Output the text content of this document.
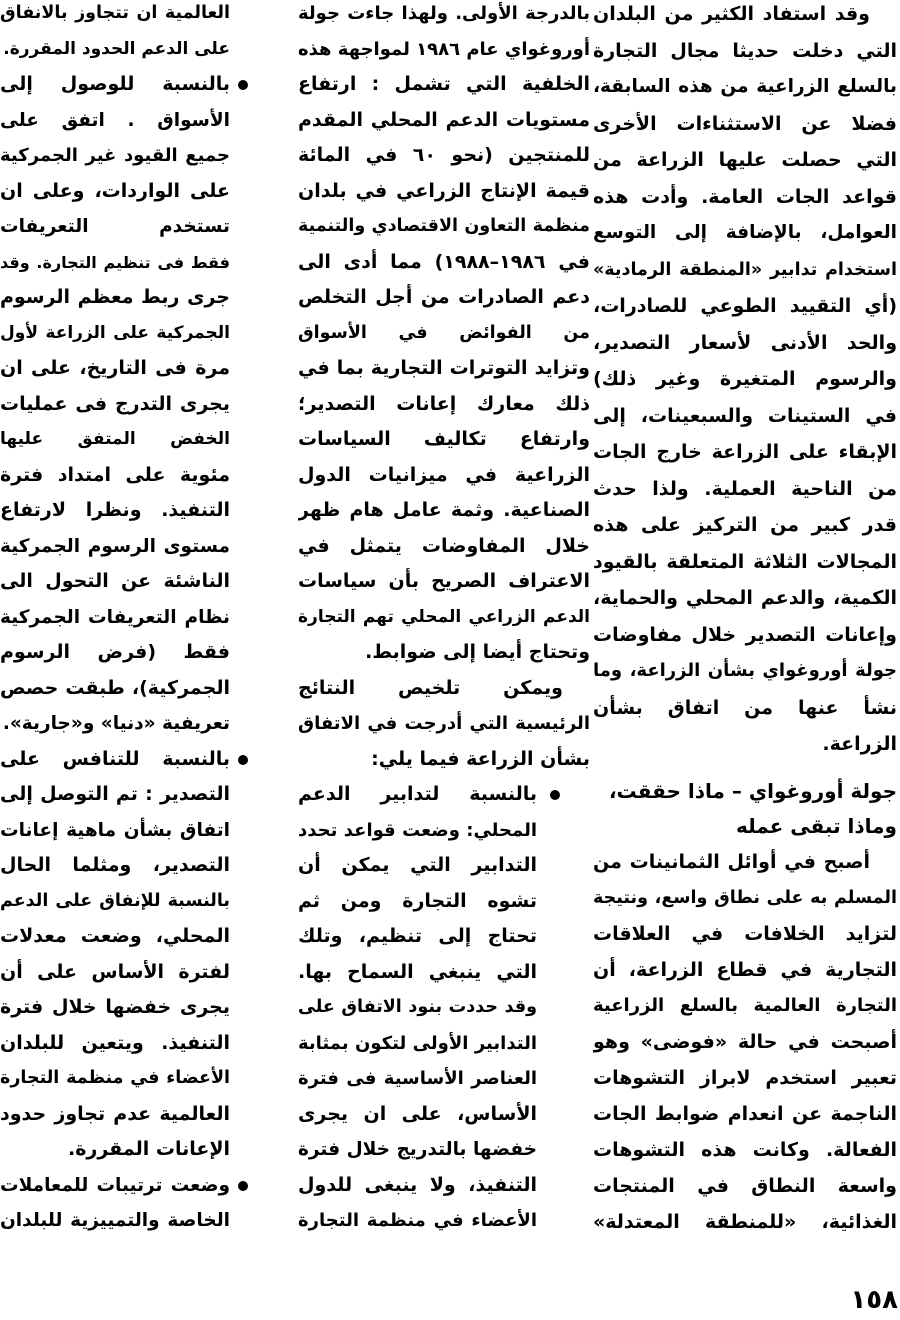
وقد استفاد الكثير من البلدان
التي دخلت حديثا مجال التجارة
بالسلع الزراعية من هذه السابقة،
فضلا عن الاستثناءات الأخرى
التي حصلت عليها الزراعة من
قواعد الجات العامة. وأدت هذه
العوامل، بالإضافة إلى التوسع
استخدام تدابير «المنطقة الرمادية»
(أي التقييد الطوعي للصادرات،
والحد الأدنى لأسعار التصدير،
والرسوم المتغيرة وغير ذلك)
في الستينات والسبعينات، إلى
الإبقاء على الزراعة خارج الجات
من الناحية العملية. ولذا حدث
قدر كبير من التركيز على هذه
المجالات الثلاثة المتعلقة بالقيود
الكمية، والدعم المحلي والحماية،
وإعانات التصدير خلال مفاوضات
جولة أوروغواي بشأن الزراعة، وما
نشأ عنها من اتفاق بشأن
الزراعة.
جولة أوروغواي – ماذا حققت،
وماذا تبقى عمله
أصبح في أوائل الثمانينات من
المسلم به على نطاق واسع، ونتيجة
لتزايد الخلافات في العلاقات
التجارية في قطاع الزراعة، أن
التجارة العالمية بالسلع الزراعية
أصبحت في حالة «فوضى» وهو
تعبير استخدم لابراز التشوهات
الناجمة عن انعدام ضوابط الجات
الفعالة. وكانت هذه التشوهات
واسعة النطاق في المنتجات
الغذائية، «للمنطقة المعتدلة»
بالدرجة الأولى. ولهذا جاءت جولة
أوروغواي عام ١٩٨٦ لمواجهة هذه
الخلفية التي تشمل : ارتفاع
مستويات الدعم المحلي المقدم
للمنتجين (نحو ٦٠ في المائة
قيمة الإنتاج الزراعي في بلدان
منظمة التعاون الاقتصادي والتنمية
في ١٩٨٦–١٩٨٨) مما أدى الى
دعم الصادرات من أجل التخلص
من الفوائض في الأسواق
وتزايد التوترات التجارية بما في
ذلك معارك إعانات التصدير؛
وارتفاع تكاليف السياسات
الزراعية في ميزانيات الدول
الصناعية. وثمة عامل هام ظهر
خلال المفاوضات يتمثل في
الاعتراف الصريح بأن سياسات
الدعم الزراعي المحلي تهم التجارة
وتحتاج أيضا إلى ضوابط.
ويمكن تلخيص النتائج
الرئيسية التي أدرجت في الاتفاق
بشأن الزراعة فيما يلي:
بالنسبة لتدابير الدعم
المحلي: وضعت قواعد تحدد
التدابير التي يمكن أن
تشوه التجارة ومن ثم
تحتاج إلى تنظيم، وتلك
التي ينبغي السماح بها.
وقد حددت بنود الاتفاق على
التدابير الأولى لتكون بمثابة
العناصر الأساسية فى فترة
الأساس، على ان يجرى
خفضها بالتدريج خلال فترة
التنفيذ، ولا ينبغى للدول
الأعضاء في منظمة التجارة
العالمية ان تتجاوز بالانفاق
على الدعم الحدود المقررة.
بالنسبة للوصول إلى
الأسواق . اتفق على
جميع القيود غير الجمركية
على الواردات، وعلى ان
تستخدم التعريفات
فقط فى تنظيم التجارة. وقد
جرى ربط معظم الرسوم
الجمركية على الزراعة لأول
مرة فى التاريخ، على ان
يجرى التدرج فى عمليات
الخفض المتفق عليها
مئوية على امتداد فترة
التنفيذ. ونظرا لارتفاع
مستوى الرسوم الجمركية
الناشئة عن التحول الى
نظام التعريفات الجمركية
فقط (فرض الرسوم
الجمركية)، طبقت حصص
تعريفية «دنيا» و«جارية».
بالنسبة للتنافس على
التصدير : تم التوصل إلى
اتفاق بشأن ماهية إعانات
التصدير، ومثلما الحال
بالنسبة للإنفاق على الدعم
المحلي، وضعت معدلات
لفترة الأساس على أن
يجرى خفضها خلال فترة
التنفيذ. ويتعين للبلدان
الأعضاء في منظمة التجارة
العالمية عدم تجاوز حدود
الإعانات المقررة.
وضعت ترتيبات للمعاملات
الخاصة والتمييزية للبلدان
١٥٨
